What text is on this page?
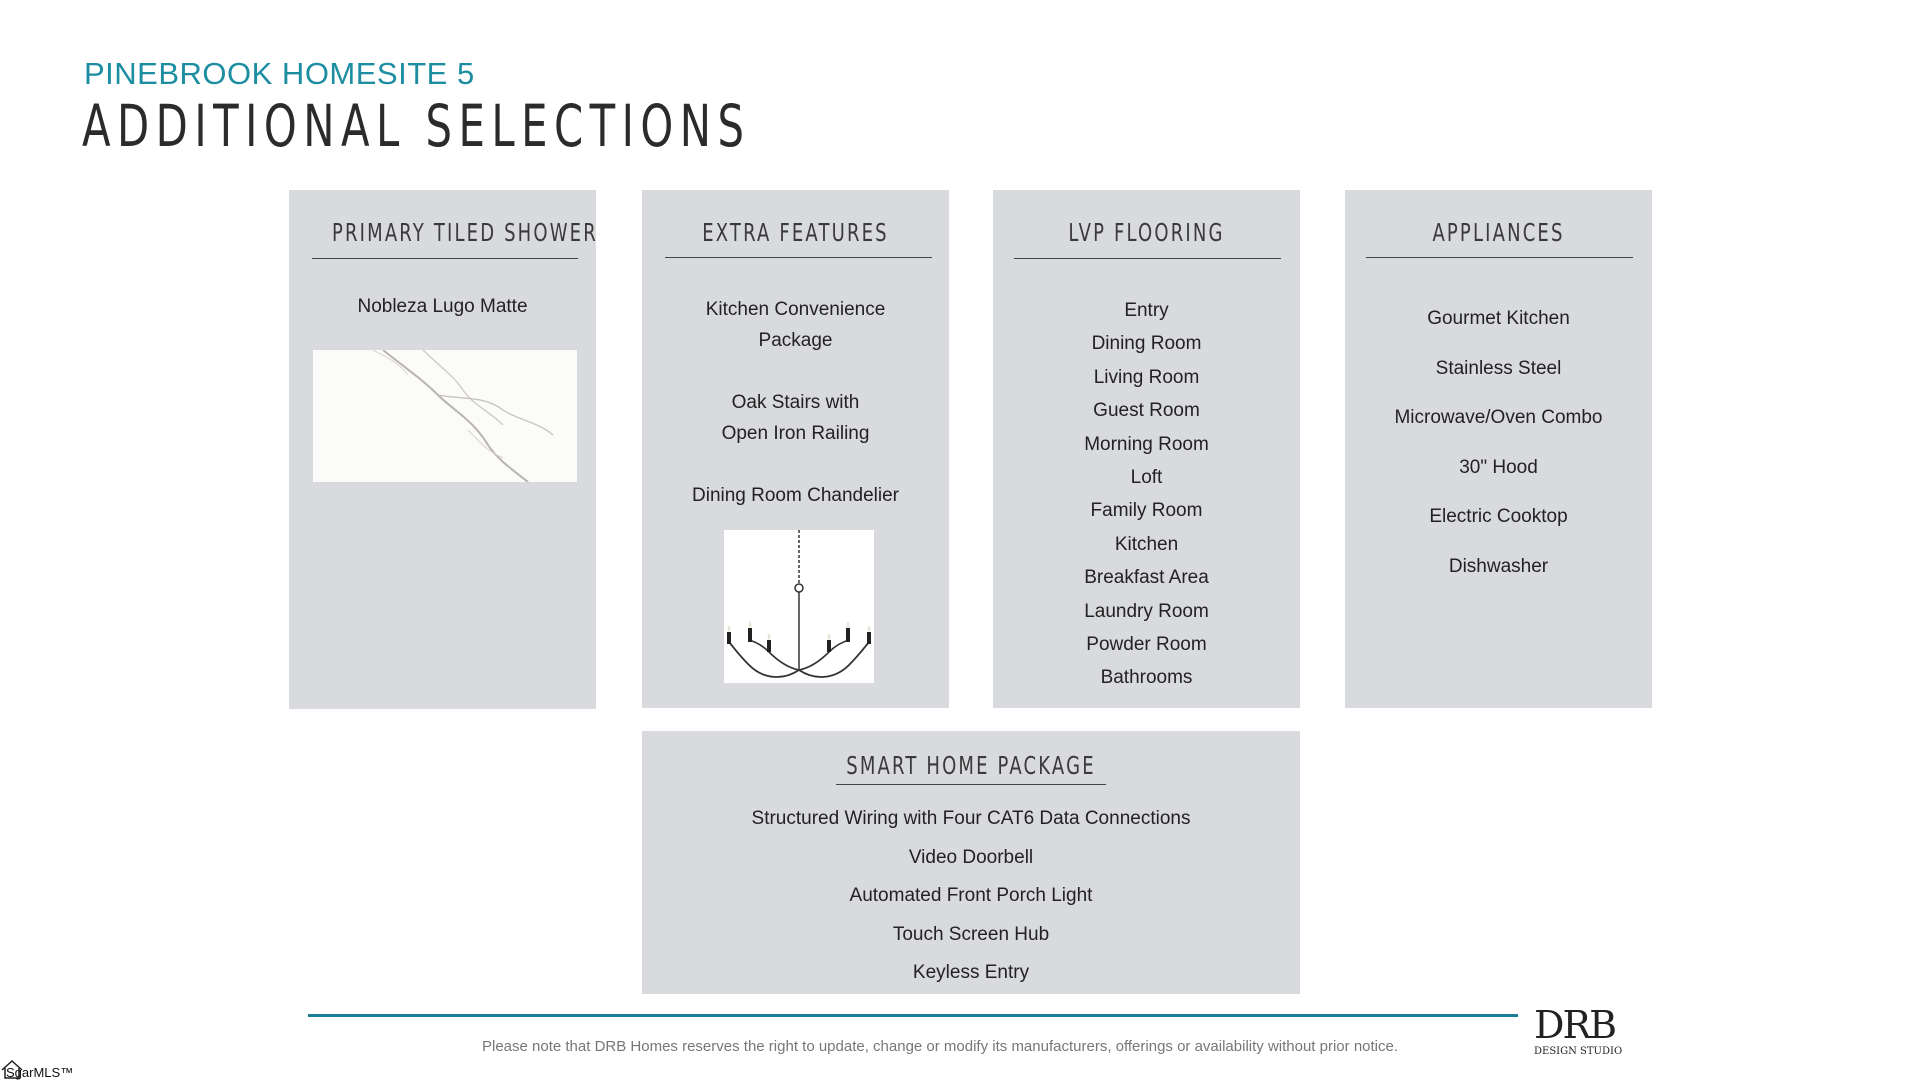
PINEBROOK HOMESITE 5
ADDITIONAL SELECTIONS
PRIMARY TILED SHOWER
Nobleza Lugo Matte
EXTRA FEATURES
Kitchen Convenience
Package
Oak Stairs with
Open Iron Railing
Dining Room Chandelier
LVP FLOORING
Entry
Dining Room
Living Room
Guest Room
Morning Room
Loft
Family Room
Kitchen
Breakfast Area
Laundry Room
Powder Room
Bathrooms
APPLIANCES
Gourmet Kitchen
Stainless Steel
Microwave/Oven Combo
30" Hood
Electric Cooktop
Dishwasher
SMART HOME PACKAGE
Structured Wiring with Four CAT6 Data Connections
Video Doorbell
Automated Front Porch Light
Touch Screen Hub
Keyless Entry
Please note that DRB Homes reserves the right to update, change or modify its manufacturers, offerings or availability without prior notice.	DRB
DESIGN STUDIO
SgarMLS™
